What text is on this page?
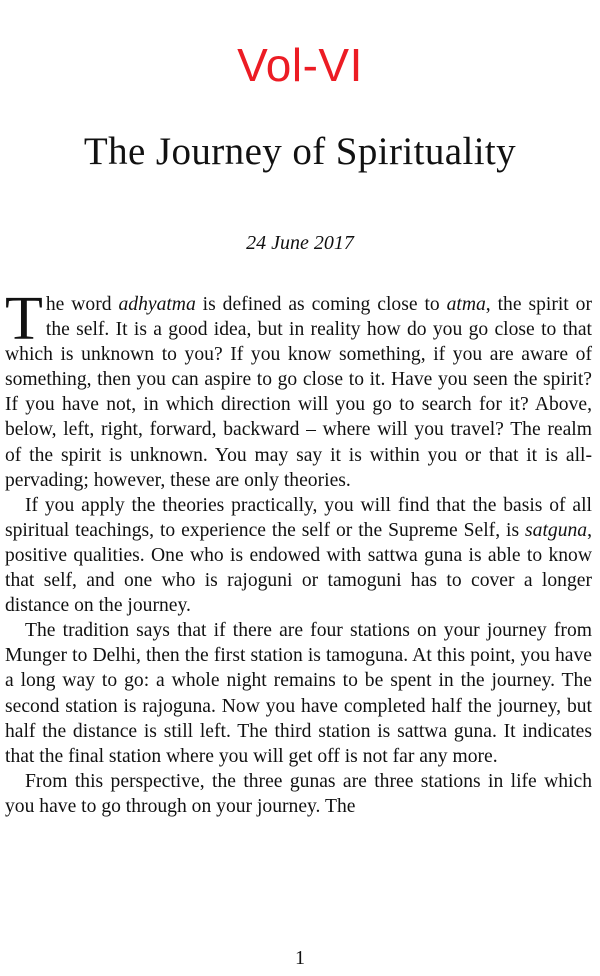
Vol-VI
The Journey of Spirituality
24 June 2017

The word adhyatma is defined as coming close to atma, the spirit or the self. It is a good idea, but in reality how do you go close to that which is unknown to you? If you know something, if you are aware of something, then you can aspire to go close to it. Have you seen the spirit? If you have not, in which direction will you go to search for it? Above, below, left, right, forward, backward – where will you travel? The realm of the spirit is unknown. You may say it is within you or that it is all-pervading; however, these are only theories.

If you apply the theories practically, you will find that the basis of all spiritual teachings, to experience the self or the Supreme Self, is satguna, positive qualities. One who is endowed with sattwa guna is able to know that self, and one who is rajoguni or tamoguni has to cover a longer distance on the journey.

The tradition says that if there are four stations on your journey from Munger to Delhi, then the first station is tamoguna. At this point, you have a long way to go: a whole night remains to be spent in the journey. The second station is rajoguna. Now you have completed half the journey, but half the distance is still left. The third station is sattwa guna. It indicates that the final station where you will get off is not far any more.

From this perspective, the three gunas are three stations in life which you have to go through on your journey. The

1
